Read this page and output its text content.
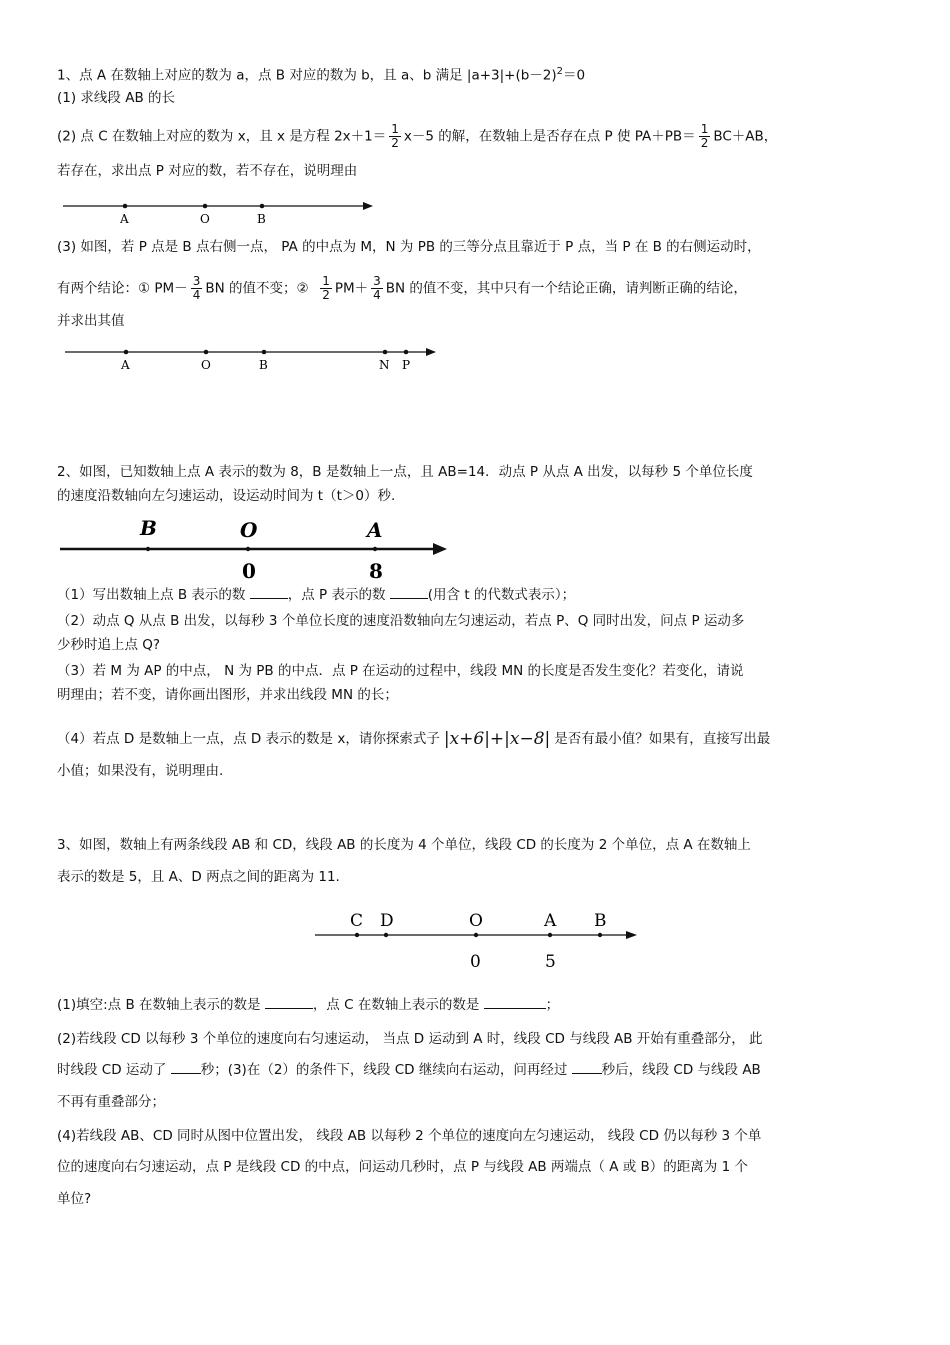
1、点 A 在数轴上对应的数为 a，点 B 对应的数为 b，且 a、b 满足 $|a+3|+(b-2)^2=0$
(1) 求线段 AB 的长
(2) 点 C 在数轴上对应的数为 x，且 x 是方程 $2x+1= \frac{1}{2} x-5$ 的解，在数轴上是否存在点 P 使 $PA+PB= \frac{1}{2} BC+AB$，
若存在，求出点 P 对应的数，若不存在，说明理由
A	O	B
(3) 如图，若 P 点是 B 点右侧一点， PA 的中点为 M，N 为 PB 的三等分点且靠近于 P 点，当 P 在 B 的右侧运动时，
有两个结论：① $PM- \frac{3}{4}$ BN 的值不变；② $\frac{1}{2} PM+ \frac{3}{4}$ BN 的值不变，其中只有一个结论正确，请判断正确的结论，
并求出其值
A	O	B	N P
2、如图，已知数轴上点 A 表示的数为 8，B 是数轴上一点，且 AB=14．动点 P 从点 A 出发，以每秒 5 个单位长度
的速度沿数轴向左匀速运动，设运动时间为 t（t＞0）秒.
B	O	A
0	8
（1）写出数轴上点 B 表示的数	，点 P 表示的数	(用含 t 的代数式表示）；
（2）动点 Q 从点 B 出发，以每秒 3 个单位长度的速度沿数轴向左匀速运动，若点 P、Q 同时出发，问点 P 运动多
少秒时追上点 Q?
（3）若 M 为 AP 的中点， N 为 PB 的中点．点 P 在运动的过程中，线段 MN 的长度是否发生变化？若变化，请说
明理由；若不变，请你画出图形，并求出线段 MN 的长；
（4）若点 D 是数轴上一点，点 D 表示的数是 x，请你探索式子 |x+6|+|x−8| 是否有最小值？如果有，直接写出最
小值；如果没有，说明理由.
3、如图，数轴上有两条线段 AB 和 CD，线段 AB 的长度为 4 个单位，线段 CD 的长度为 2 个单位，点 A 在数轴上
表示的数是 5，且 A、D 两点之间的距离为 11.
C D	O	A B
0	5
(1)填空:点 B 在数轴上表示的数是	，点 C 在数轴上表示的数是	；
(2)若线段 CD 以每秒 3 个单位的速度向右匀速运动， 当点 D 运动到 A 时，线段 CD 与线段 AB 开始有重叠部分， 此
时线段 CD 运动了	秒；(3)在（2）的条件下，线段 CD 继续向右运动，问再经过	秒后，线段 CD 与线段 AB
不再有重叠部分；
(4)若线段 AB、CD 同时从图中位置出发， 线段 AB 以每秒 2 个单位的速度向左匀速运动， 线段 CD 仍以每秒 3 个单
位的速度向右匀速运动，点 P 是线段 CD 的中点，问运动几秒时，点 P 与线段 AB 两端点（ A 或 B）的距离为 1 个
单位?
